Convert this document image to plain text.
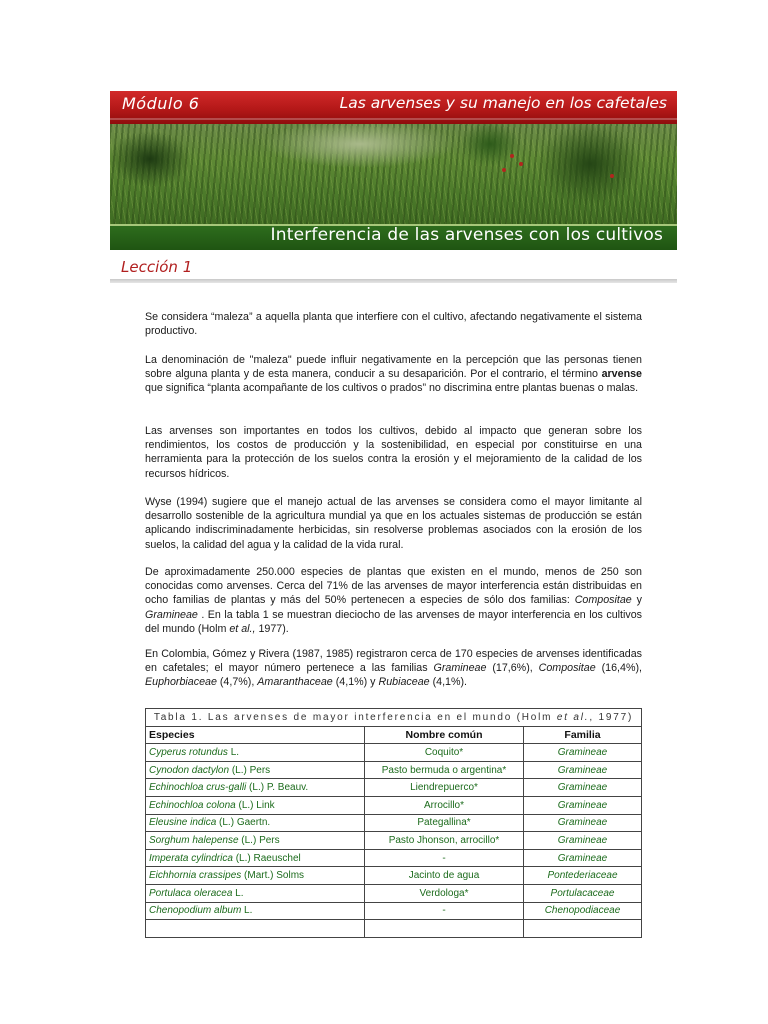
Módulo 6	Las arvenses y su manejo en los cafetales
Interferencia de las arvenses con los cultivos
Lección 1

Se considera “maleza” a aquella planta que interfiere con el cultivo, afectando negativamente el sistema productivo.

La denominación de "maleza" puede influir negativamente en la percepción que las personas tienen sobre alguna planta y de esta manera, conducir a su desaparición. Por el contrario, el término arvense que significa “planta acompañante de los cultivos o prados” no discrimina entre plantas buenas o malas.

Las arvenses son importantes en todos los cultivos, debido al impacto que generan sobre los rendimientos, los costos de producción y la sostenibilidad, en especial por constituirse en una herramienta para la protección de los suelos contra la erosión y el mejoramiento de la calidad de los recursos hídricos.

Wyse (1994) sugiere que el manejo actual de las arvenses se considera como el mayor limitante al desarrollo sostenible de la agricultura mundial ya que en los actuales sistemas de producción se están aplicando indiscriminadamente herbicidas, sin resolverse problemas asociados con la erosión de los suelos, la calidad del agua y la calidad de la vida rural.

De aproximadamente 250.000 especies de plantas que existen en el mundo, menos de 250 son conocidas como arvenses. Cerca del 71% de las arvenses de mayor interferencia están distribuidas en ocho familias de plantas y más del 50% pertenecen a especies de sólo dos familias: Compositae y Gramineae . En la tabla 1 se muestran dieciocho de las arvenses de mayor interferencia en los cultivos del mundo (Holm et al., 1977).

En Colombia, Gómez y Rivera (1987, 1985) registraron cerca de 170 especies de arvenses identificadas en cafetales; el mayor número pertenece a las familias Gramineae (17,6%), Compositae (16,4%), Euphorbiaceae (4,7%), Amaranthaceae (4,1%) y Rubiaceae (4,1%).

Tabla 1. Las arvenses de mayor interferencia en el mundo (Holm et al., 1977)		
Especies	Nombre común	Familia
Cyperus rotundus L.	Coquito*	Gramineae
Cynodon dactylon (L.) Pers	Pasto bermuda o argentina*	Gramineae
Echinochloa crus-galli (L.) P. Beauv.	Liendrepuerco*	Gramineae
Echinochloa colona (L.) Link	Arrocillo*	Gramineae
Eleusine indica (L.) Gaertn.	Pategallina*	Gramineae
Sorghum halepense (L.) Pers	Pasto Jhonson, arrocillo*	Gramineae
Imperata cylindrica (L.) Raeuschel	-	Gramineae
Eichhornia crassipes (Mart.) Solms	Jacinto de agua	Pontederiaceae
Portulaca oleracea L.	Verdologa*	Portulacaceae
Chenopodium album L.	-	Chenopodiaceae
